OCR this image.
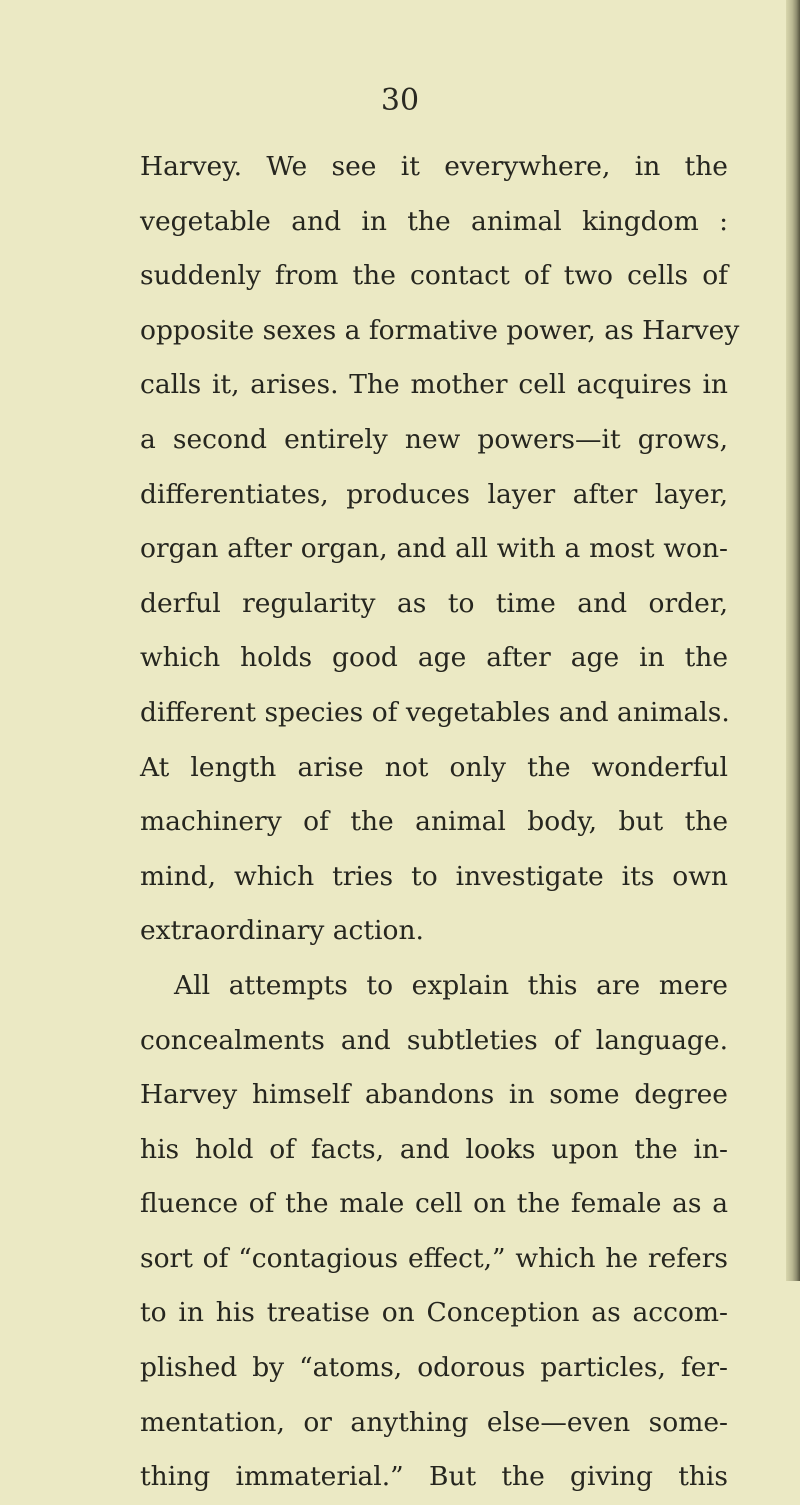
30
Harvey. We see it everywhere, in the
vegetable and in the animal kingdom :
suddenly from the contact of two cells of
opposite sexes a formative power, as Harvey
calls it, arises. The mother cell acquires in
a second entirely new powers—it grows,
differentiates, produces layer after layer,
organ after organ, and all with a most won-
derful regularity as to time and order,
which holds good age after age in the
different species of vegetables and animals.
At length arise not only the wonderful
machinery of the animal body, but the
mind, which tries to investigate its own
extraordinary action.
All attempts to explain this are mere
concealments and subtleties of language.
Harvey himself abandons in some degree
his hold of facts, and looks upon the in-
fluence of the male cell on the female as a
sort of “contagious effect,” which he refers
to in his treatise on Conception as accom-
plished by “atoms, odorous particles, fer-
mentation, or anything else—even some-
thing immaterial.” But the giving this
